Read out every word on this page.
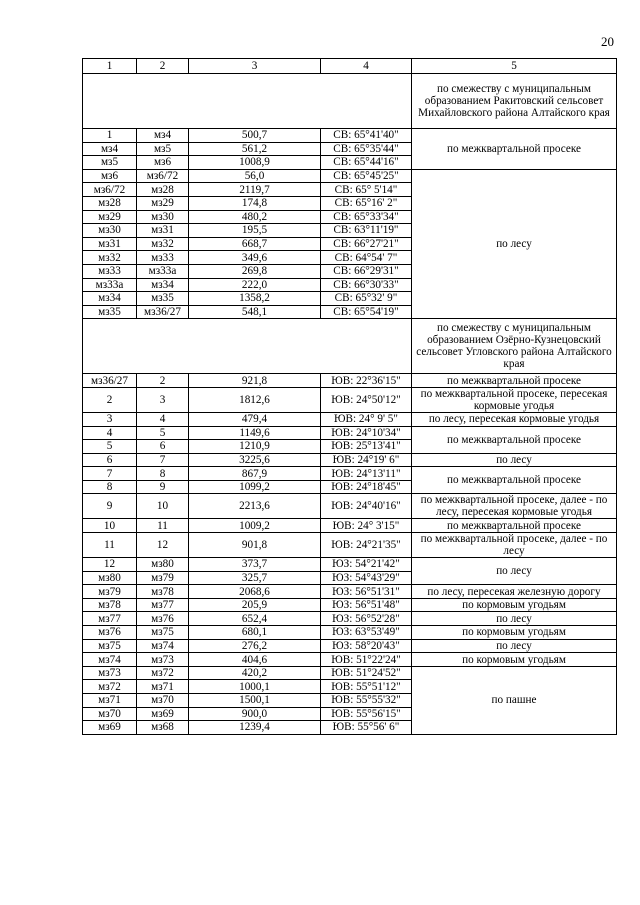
20
1	2	3	4	5
				по смежеству с муниципальным образованием Ракитовский сельсовет Михайловского района Алтайского края
1	мз4	500,7	СВ: 65°41'40"	по межквартальной просеке
мз4	мз5	561,2	СВ: 65°35'44"	
мз5	мз6	1008,9	СВ: 65°44'16"	
мз6	мз6/72	56,0	СВ: 65°45'25"	по лесу
мз6/72	мз28	2119,7	СВ: 65° 5'14"	
мз28	мз29	174,8	СВ: 65°16' 2"	
мз29	мз30	480,2	СВ: 65°33'34"	
мз30	мз31	195,5	СВ: 63°11'19"	
мз31	мз32	668,7	СВ: 66°27'21"	
мз32	мз33	349,6	СВ: 64°54' 7"	
мз33	мз33а	269,8	СВ: 66°29'31"	
мз33а	мз34	222,0	СВ: 66°30'33"	
мз34	мз35	1358,2	СВ: 65°32' 9"	
мз35	мз36/27	548,1	СВ: 65°54'19"	
				по смежеству с муниципальным образованием Озёрно-Кузнецовский сельсовет Угловского района Алтайского края
мз36/27	2	921,8	ЮВ: 22°36'15"	по межквартальной просеке
2	3	1812,6	ЮВ: 24°50'12"	по межквартальной просеке, пересекая кормовые угодья
3	4	479,4	ЮВ: 24° 9' 5"	по лесу, пересекая кормовые угодья
4	5	1149,6	ЮВ: 24°10'34"	по межквартальной просеке
5	6	1210,9	ЮВ: 25°13'41"	
6	7	3225,6	ЮВ: 24°19' 6"	по лесу
7	8	867,9	ЮВ: 24°13'11"	по межквартальной просеке
8	9	1099,2	ЮВ: 24°18'45"	
9	10	2213,6	ЮВ: 24°40'16"	по межквартальной просеке, далее - по лесу, пересекая кормовые угодья
10	11	1009,2	ЮВ: 24° 3'15"	по межквартальной просеке
11	12	901,8	ЮВ: 24°21'35"	по межквартальной просеке, далее - по лесу
12	мз80	373,7	ЮЗ: 54°21'42"	по лесу
мз80	мз79	325,7	ЮЗ: 54°43'29"	
мз79	мз78	2068,6	ЮЗ: 56°51'31"	по лесу, пересекая железную дорогу
мз78	мз77	205,9	ЮЗ: 56°51'48"	по кормовым угодьям
мз77	мз76	652,4	ЮЗ: 56°52'28"	по лесу
мз76	мз75	680,1	ЮЗ: 63°53'49"	по кормовым угодьям
мз75	мз74	276,2	ЮЗ: 58°20'43"	по лесу
мз74	мз73	404,6	ЮВ: 51°22'24"	по кормовым угодьям
мз73	мз72	420,2	ЮВ: 51°24'52"	по пашне
мз72	мз71	1000,1	ЮВ: 55°51'12"	
мз71	мз70	1500,1	ЮВ: 55°55'32"	
мз70	мз69	900,0	ЮВ: 55°56'15"	
мз69	мз68	1239,4	ЮВ: 55°56' 6"	
